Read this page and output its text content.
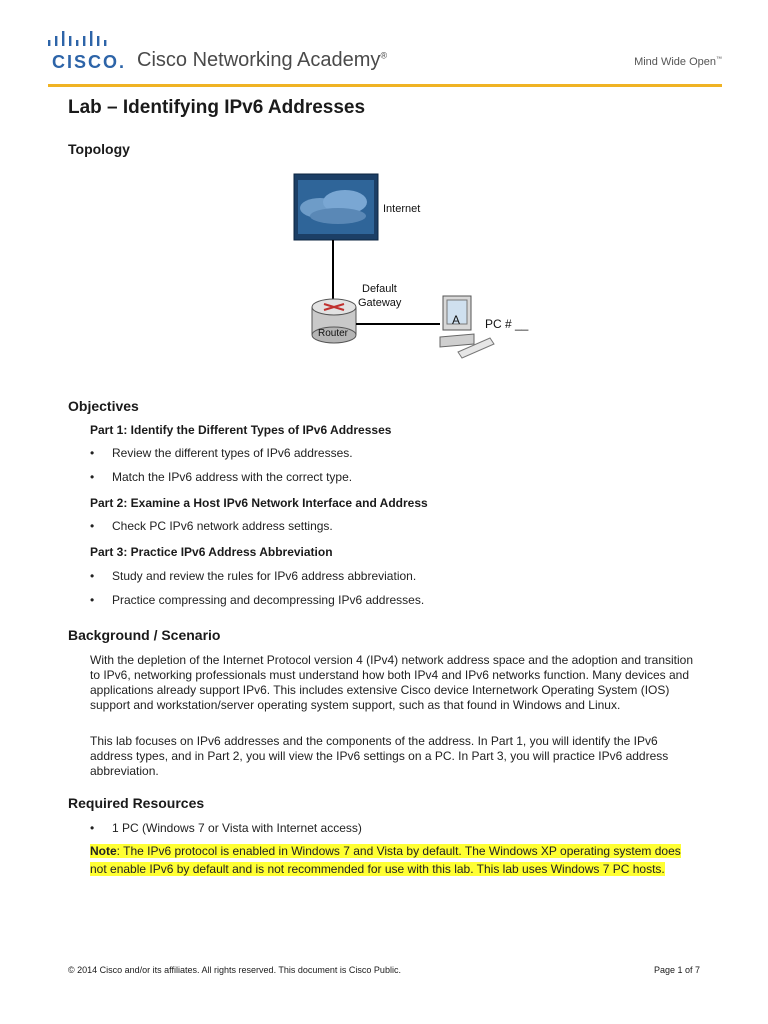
CISCO. Cisco Networking Academy®
Mind Wide Open™
Lab – Identifying IPv6 Addresses
Topology
Internet
Default
Gateway
Router
A PC # __
Objectives
Part 1: Identify the Different Types of IPv6 Addresses
• Review the different types of IPv6 addresses.
• Match the IPv6 address with the correct type.
Part 2: Examine a Host IPv6 Network Interface and Address
• Check PC IPv6 network address settings.
Part 3: Practice IPv6 Address Abbreviation
• Study and review the rules for IPv6 address abbreviation.
• Practice compressing and decompressing IPv6 addresses.
Background / Scenario

With the depletion of the Internet Protocol version 4 (IPv4) network address space and the adoption and transition to IPv6, networking professionals must understand how both IPv4 and IPv6 networks function. Many devices and applications already support IPv6. This includes extensive Cisco device Internetwork Operating System (IOS) support and workstation/server operating system support, such as that found in Windows and Linux.

This lab focuses on IPv6 addresses and the components of the address. In Part 1, you will identify the IPv6 address types, and in Part 2, you will view the IPv6 settings on a PC. In Part 3, you will practice IPv6 address abbreviation.

Required Resources
• 1 PC (Windows 7 or Vista with Internet access)
Note: The IPv6 protocol is enabled in Windows 7 and Vista by default. The Windows XP operating system does not enable IPv6 by default and is not recommended for use with this lab. This lab uses Windows 7 PC hosts.
© 2014 Cisco and/or its affiliates. All rights reserved. This document is Cisco Public.	Page 1 of 7
